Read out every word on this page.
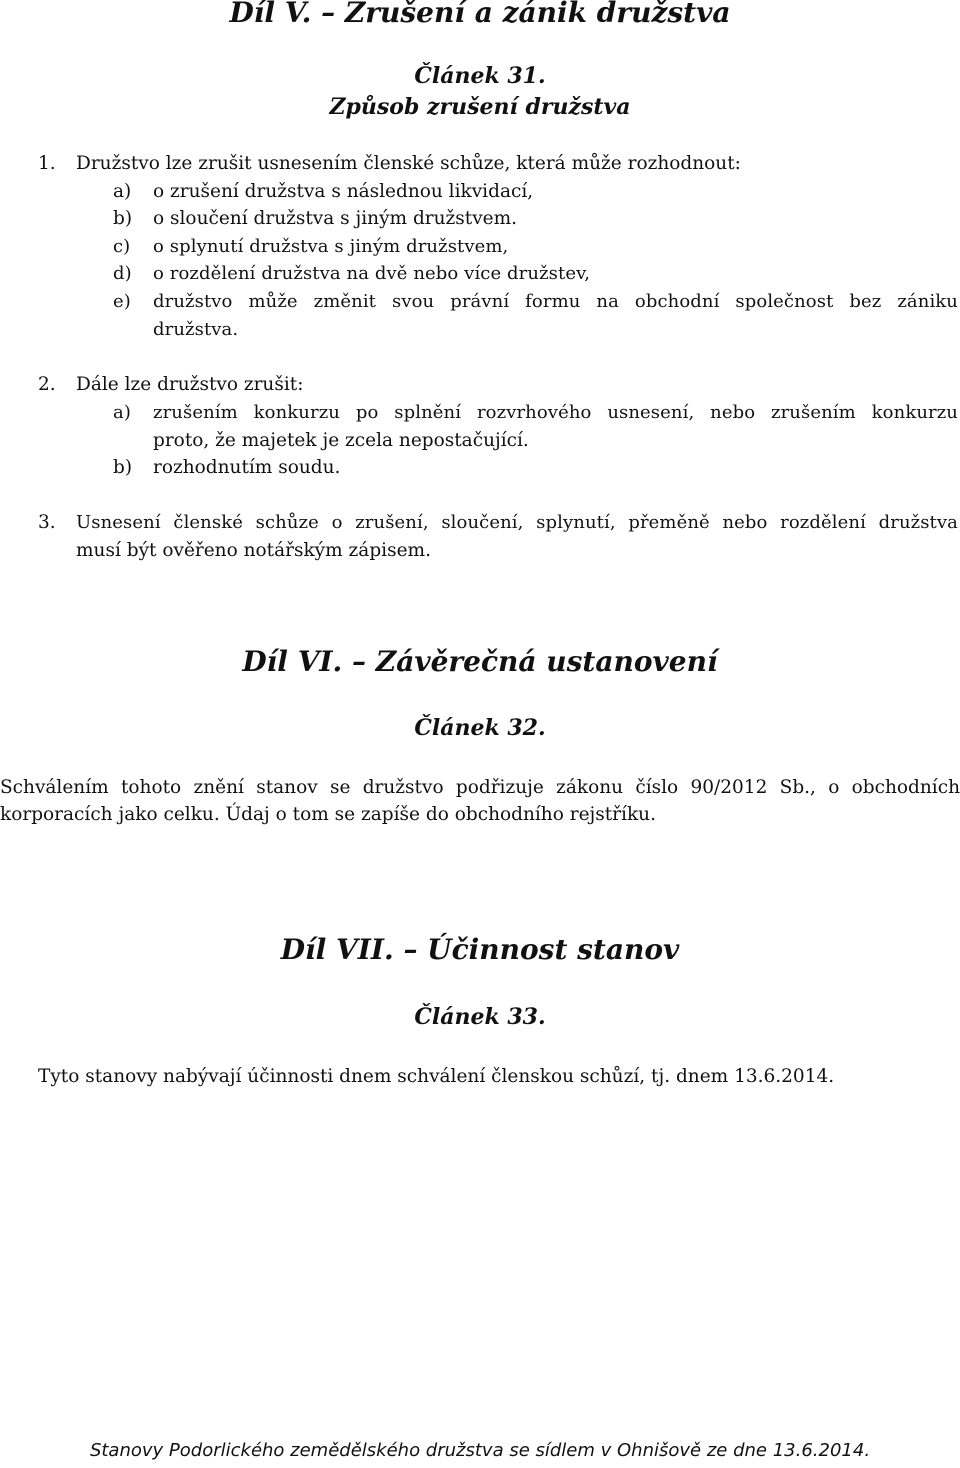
Díl V. – Zrušení a zánik družstva
Článek 31.
Způsob zrušení družstva
1. Družstvo lze zrušit usnesením členské schůze, která může rozhodnout:
a) o zrušení družstva s následnou likvidací,
b) o sloučení družstva s jiným družstvem.
c) o splynutí družstva s jiným družstvem,
d) o rozdělení družstva na dvě nebo více družstev,
e) družstvo může změnit svou právní formu na obchodní společnost bez zániku
družstva.
2. Dále lze družstvo zrušit:
a) zrušením konkurzu po splnění rozvrhového usnesení, nebo zrušením konkurzu
proto, že majetek je zcela nepostačující.
b) rozhodnutím soudu.
3. Usnesení členské schůze o zrušení, sloučení, splynutí, přeměně nebo rozdělení družstva
musí být ověřeno notářským zápisem.
Díl VI. – Závěrečná ustanovení
Článek 32.
Schválením tohoto znění stanov se družstvo podřizuje zákonu číslo 90/2012 Sb., o obchodních
korporacích jako celku. Údaj o tom se zapíše do obchodního rejstříku.
Díl VII. – Účinnost stanov
Článek 33.
Tyto stanovy nabývají účinnosti dnem schválení členskou schůzí, tj. dnem 13.6.2014.
Stanovy Podorlického zemědělského družstva se sídlem v Ohnišově ze dne 13.6.2014.
